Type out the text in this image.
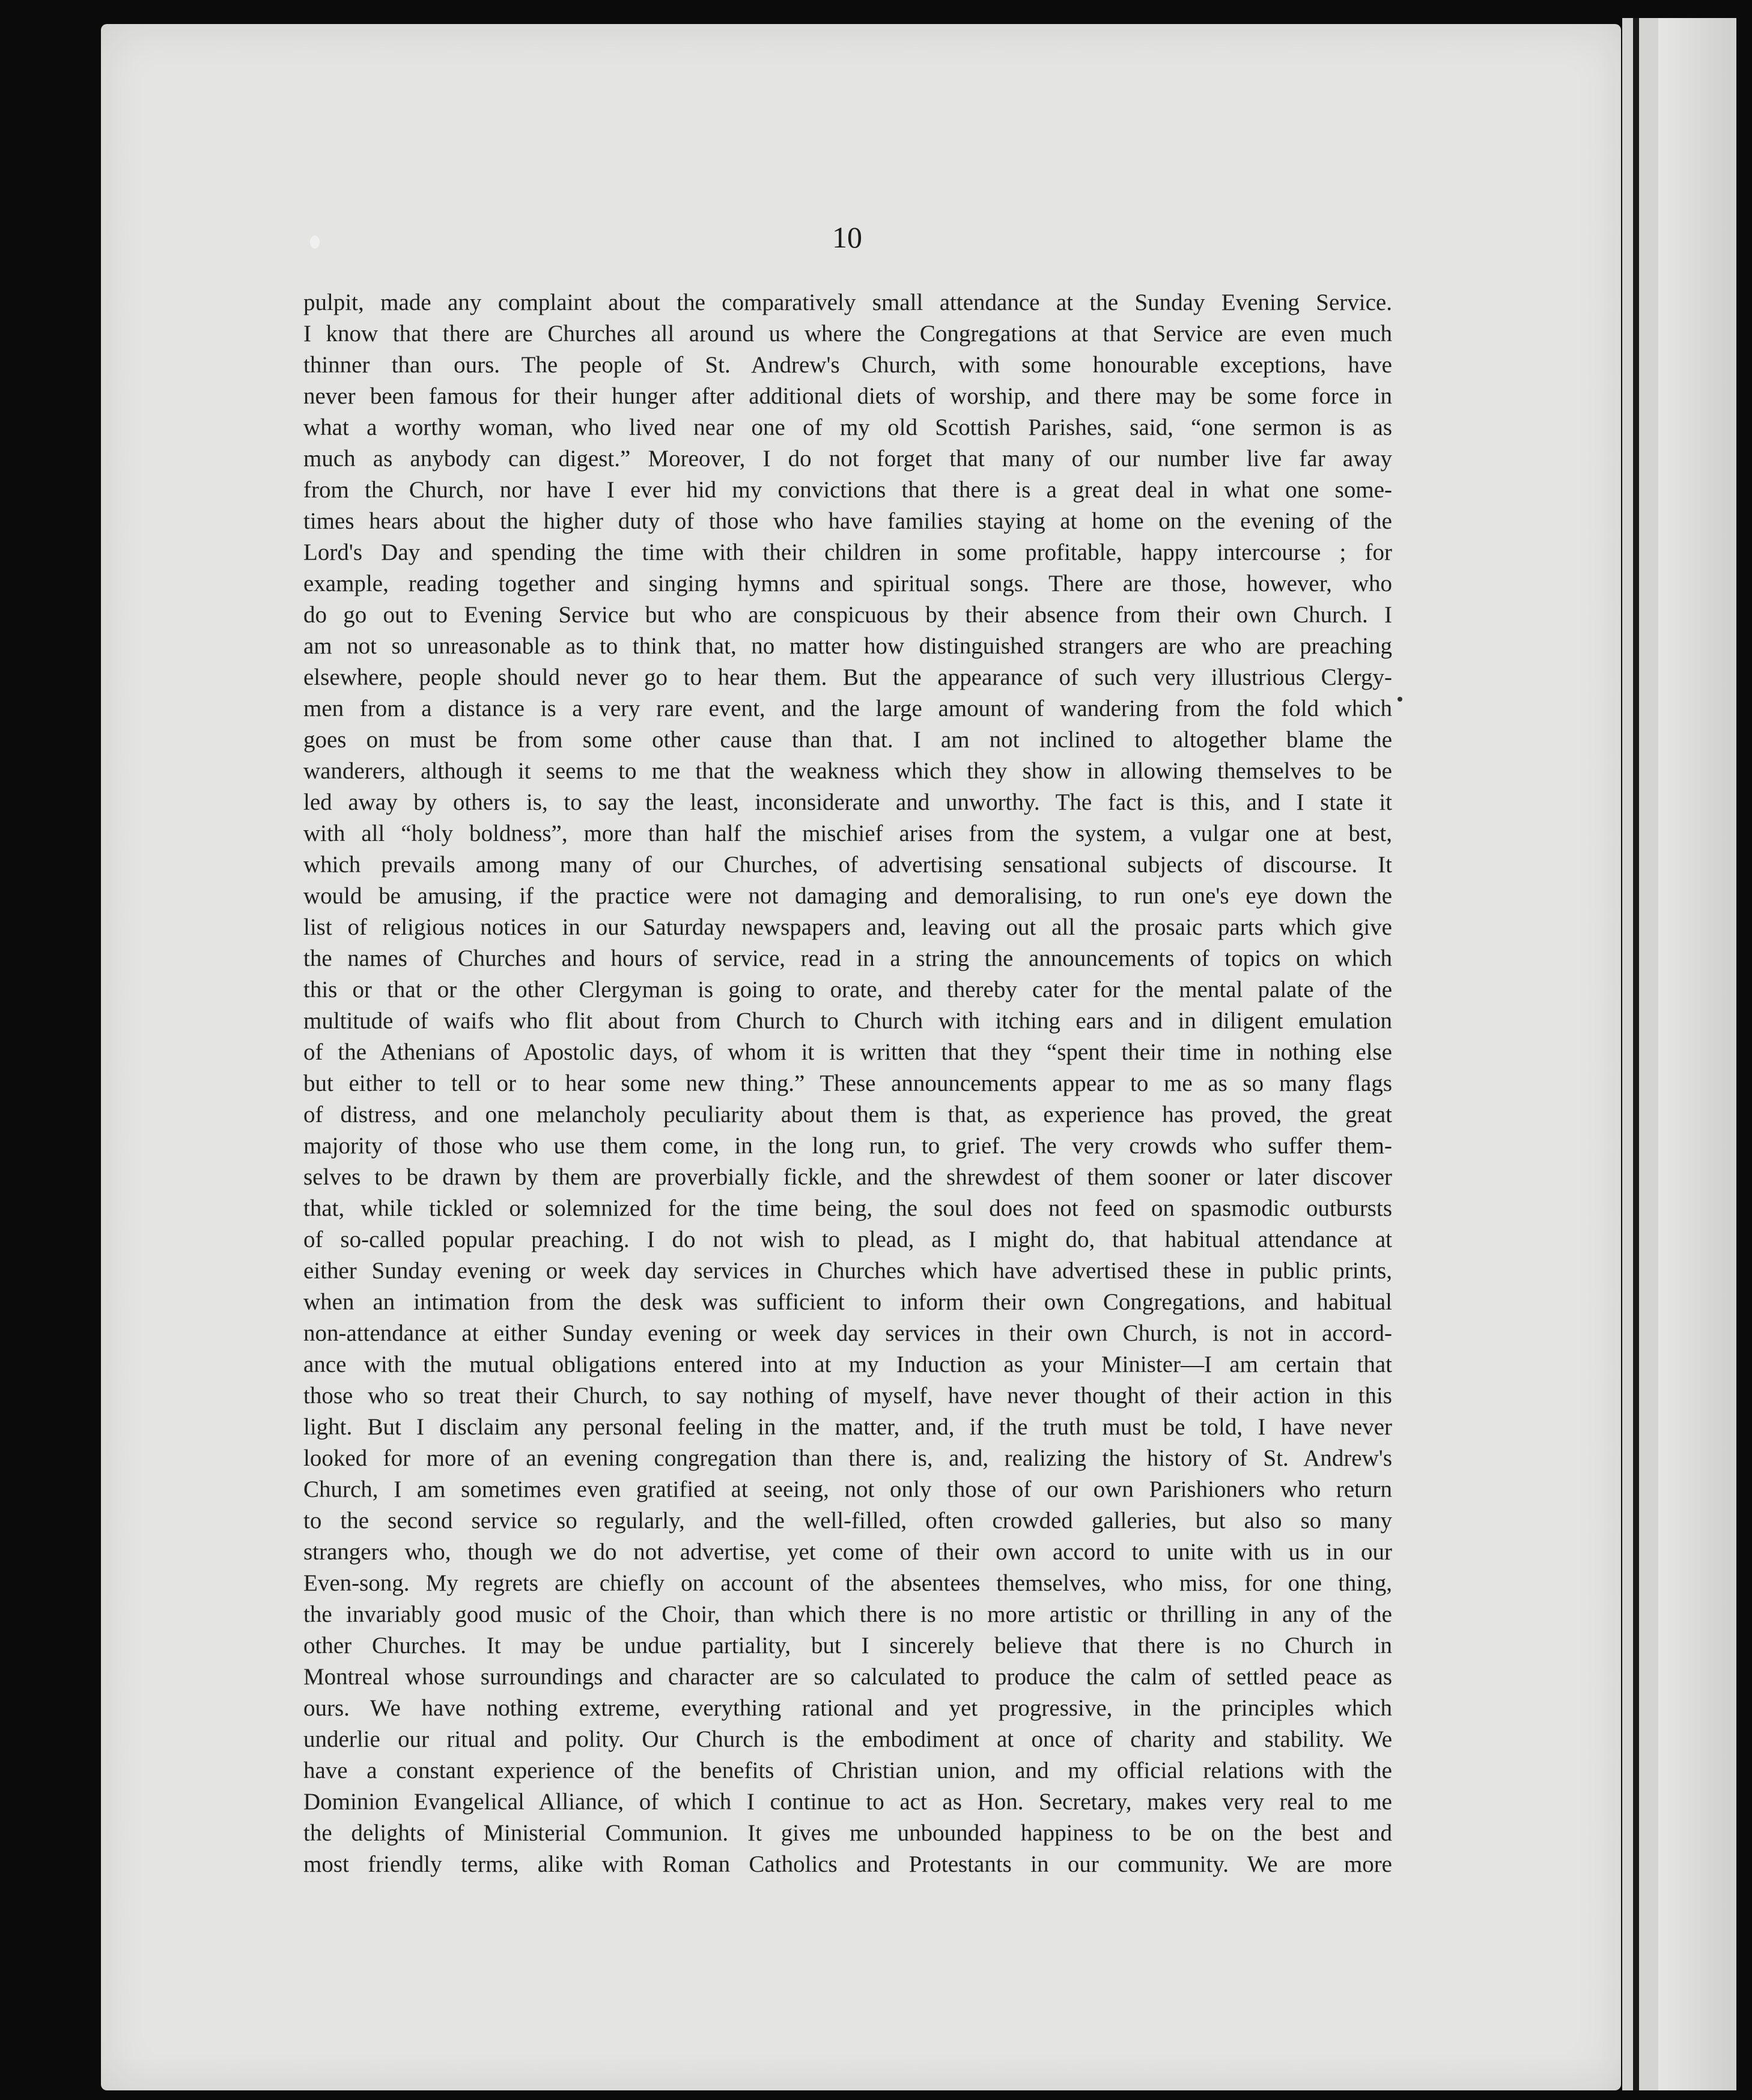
10
pulpit, made any complaint about the comparatively small attendance at the Sunday Evening Service.
I know that there are Churches all around us where the Congregations at that Service are even much
thinner than ours. The people of St. Andrew's Church, with some honourable exceptions, have
never been famous for their hunger after additional diets of worship, and there may be some force in
what a worthy woman, who lived near one of my old Scottish Parishes, said, “one sermon is as
much as anybody can digest.” Moreover, I do not forget that many of our number live far away
from the Church, nor have I ever hid my convictions that there is a great deal in what one some-
times hears about the higher duty of those who have families staying at home on the evening of the
Lord's Day and spending the time with their children in some profitable, happy intercourse ; for
example, reading together and singing hymns and spiritual songs. There are those, however, who
do go out to Evening Service but who are conspicuous by their absence from their own Church. I
am not so unreasonable as to think that, no matter how distinguished strangers are who are preaching
elsewhere, people should never go to hear them. But the appearance of such very illustrious Clergy-
men from a distance is a very rare event, and the large amount of wandering from the fold which
goes on must be from some other cause than that. I am not inclined to altogether blame the
wanderers, although it seems to me that the weakness which they show in allowing themselves to be
led away by others is, to say the least, inconsiderate and unworthy. The fact is this, and I state it
with all “holy boldness”, more than half the mischief arises from the system, a vulgar one at best,
which prevails among many of our Churches, of advertising sensational subjects of discourse. It
would be amusing, if the practice were not damaging and demoralising, to run one's eye down the
list of religious notices in our Saturday newspapers and, leaving out all the prosaic parts which give
the names of Churches and hours of service, read in a string the announcements of topics on which
this or that or the other Clergyman is going to orate, and thereby cater for the mental palate of the
multitude of waifs who flit about from Church to Church with itching ears and in diligent emulation
of the Athenians of Apostolic days, of whom it is written that they “spent their time in nothing else
but either to tell or to hear some new thing.” These announcements appear to me as so many flags
of distress, and one melancholy peculiarity about them is that, as experience has proved, the great
majority of those who use them come, in the long run, to grief. The very crowds who suffer them-
selves to be drawn by them are proverbially fickle, and the shrewdest of them sooner or later discover
that, while tickled or solemnized for the time being, the soul does not feed on spasmodic outbursts
of so-called popular preaching. I do not wish to plead, as I might do, that habitual attendance at
either Sunday evening or week day services in Churches which have advertised these in public prints,
when an intimation from the desk was sufficient to inform their own Congregations, and habitual
non-attendance at either Sunday evening or week day services in their own Church, is not in accord-
ance with the mutual obligations entered into at my Induction as your Minister—I am certain that
those who so treat their Church, to say nothing of myself, have never thought of their action in this
light. But I disclaim any personal feeling in the matter, and, if the truth must be told, I have never
looked for more of an evening congregation than there is, and, realizing the history of St. Andrew's
Church, I am sometimes even gratified at seeing, not only those of our own Parishioners who return
to the second service so regularly, and the well-filled, often crowded galleries, but also so many
strangers who, though we do not advertise, yet come of their own accord to unite with us in our
Even-song. My regrets are chiefly on account of the absentees themselves, who miss, for one thing,
the invariably good music of the Choir, than which there is no more artistic or thrilling in any of the
other Churches. It may be undue partiality, but I sincerely believe that there is no Church in
Montreal whose surroundings and character are so calculated to produce the calm of settled peace as
ours. We have nothing extreme, everything rational and yet progressive, in the principles which
underlie our ritual and polity. Our Church is the embodiment at once of charity and stability. We
have a constant experience of the benefits of Christian union, and my official relations with the
Dominion Evangelical Alliance, of which I continue to act as Hon. Secretary, makes very real to me
the delights of Ministerial Communion. It gives me unbounded happiness to be on the best and
most friendly terms, alike with Roman Catholics and Protestants in our community. We are more
